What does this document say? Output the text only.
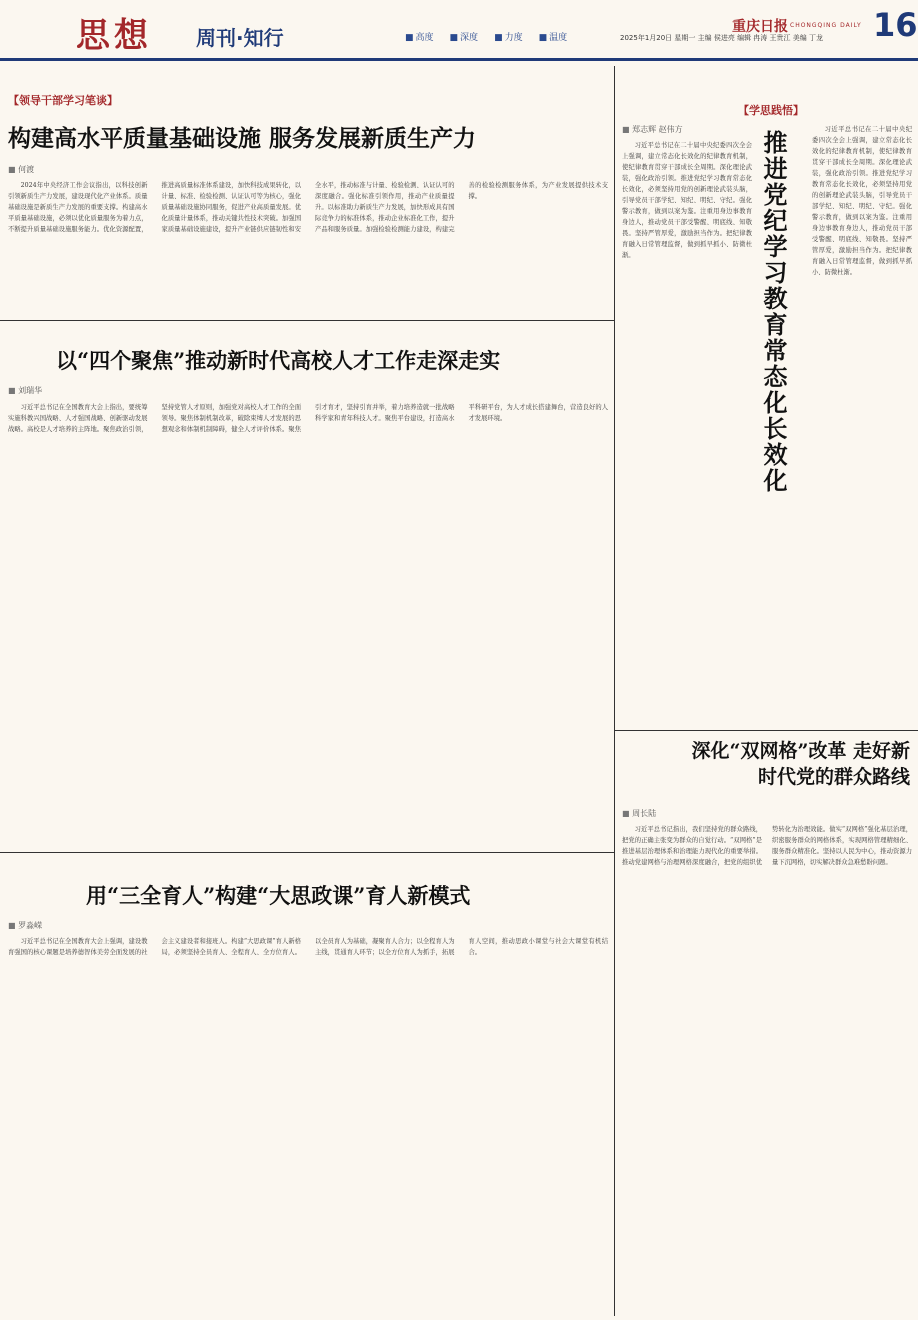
思想 周刊·知行	■ 高度	■ 深度	■ 力度	■ 温度	2025年1月20日 星期一 主编 侯进亮 编辑 冉涛 王贵江 美编 丁龙
重庆日报 CHONGQING DAILY 16
【 领导干部学习笔谈 】
构建高水平质量基础设施 服务发展新质生产力
■ 何渡

2024年中央经济工作会议指出，以科技创新引领新质生产力发展，建设现代化产业体系。质量基础设施是新质生产力发展的重要支撑。构建高水平质量基础设施，必须以优化质量服务为着力点，不断提升质量基础设施服务能力。优化资源配置，推进高质量标准体系建设，加快科技成果转化，以计量、标准、检验检测、认证认可等为核心，强化质量基础设施协同服务，促进产业高质量发展。优化质量计量体系，推动关键共性技术突破。加强国家质量基础设施建设，提升产业链供应链韧性和安全水平，推动标准与计量、检验检测、认证认可的深度融合。强化标准引领作用，推动产业质量提升。以标准助力新质生产力发展，加快形成具有国际竞争力的标准体系，推动企业标准化工作，提升产品和服务质量。加强检验检测能力建设，构建完善的检验检测服务体系，为产业发展提供技术支撑。

以“四个聚焦”推动新时代高校人才工作走深走实
■ 刘瑞华

习近平总书记在全国教育大会上指出，要统筹实施科教兴国战略、人才强国战略、创新驱动发展战略。高校是人才培养的主阵地。聚焦政治引领，坚持党管人才原则，加强党对高校人才工作的全面领导。聚焦体制机制改革，破除束缚人才发展的思想观念和体制机制障碍，健全人才评价体系。聚焦引才育才，坚持引育并举，着力培养造就一批战略科学家和青年科技人才。聚焦平台建设，打造高水平科研平台，为人才成长搭建舞台，营造良好的人才发展环境。

用“三全育人”构建“大思政课”育人新模式
■ 罗淼嵘

习近平总书记在全国教育大会上强调，建设教育强国的核心课题是培养德智体美劳全面发展的社会主义建设者和接班人。构建“大思政课”育人新格局，必须坚持全员育人、全程育人、全方位育人。以全员育人为基础，凝聚育人合力；以全程育人为主线，贯通育人环节；以全方位育人为抓手，拓展育人空间，推动思政小课堂与社会大课堂有机结合。

【 学思践悟 】
■ 郑志辉 赵伟方

习近平总书记在二十届中央纪委四次全会上强调，建立常态化长效化的纪律教育机制，使纪律教育贯穿干部成长全周期。深化理论武装，强化政治引领。推进党纪学习教育常态化长效化，必须坚持用党的创新理论武装头脑，引导党员干部学纪、知纪、明纪、守纪。强化警示教育，做到以案为鉴。注重用身边事教育身边人，推动党员干部受警醒、明底线、知敬畏。坚持严管厚爱，激励担当作为。把纪律教育融入日常管理监督，做到抓早抓小、防微杜渐。	推进党纪学习教育常态化长效化

习近平总书记在二十届中央纪委四次全会上强调，建立常态化长效化的纪律教育机制，使纪律教育贯穿干部成长全周期。深化理论武装，强化政治引领。推进党纪学习教育常态化长效化，必须坚持用党的创新理论武装头脑，引导党员干部学纪、知纪、明纪、守纪。强化警示教育，做到以案为鉴。注重用身边事教育身边人，推动党员干部受警醒、明底线、知敬畏。坚持严管厚爱，激励担当作为。把纪律教育融入日常管理监督，做到抓早抓小、防微杜渐。

深化“双网格”改革 走好新时代党的群众路线
■ 周长陆

习近平总书记指出，我们坚持党的群众路线，把党的正确主张变为群众的自觉行动。“双网格”是推进基层治理体系和治理能力现代化的重要举措。推动党建网格与治理网格深度融合，把党的组织优势转化为治理效能。做实“双网格”强化基层治理，织密服务群众的网格体系，实现网格管理精细化、服务群众精准化。坚持以人民为中心，推动资源力量下沉网格，切实解决群众急难愁盼问题。
